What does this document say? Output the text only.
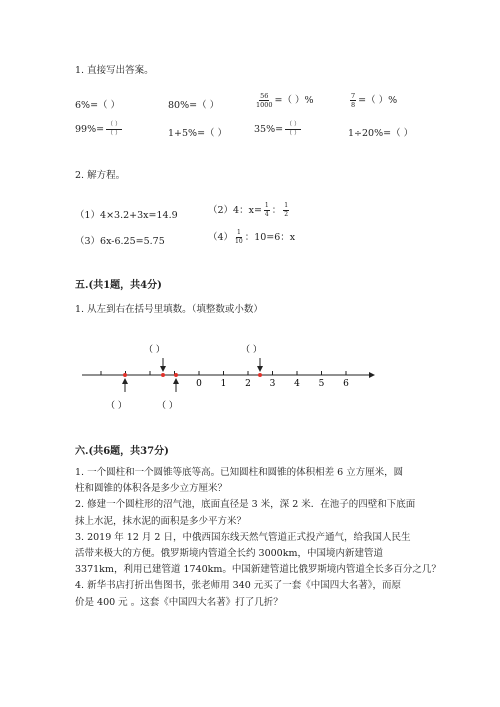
1. 直接写出答案。
6%=（ ）	80%=（ ）	$\frac{56}{1000}$ =（ ）%	$\frac{7}{8}$ =（ ）%
$99\%= \frac{( )}{( )}$	1+5%=（ ）	$35\%= \frac{( )}{( )}$	1÷20%=（ ）
2. 解方程。
（1）4×3.2+3x=14.9	（2）4：$x= \frac{1}{4}$ ： $\frac{1}{2}$
（3）6x-6.25=5.75	$(4) \frac{1}{10}$ ：10=6：x
五.(共1题，共4分)
1. 从左到右在括号里填数。（填整数或小数）
0 1 2 3 4 5 6
（ ）	（ ）
（ ）	（ ）
六.(共6题，共37分)
1. 一个圆柱和一个圆锥等底等高。已知圆柱和圆锥的体积相差 6 立方厘米，圆
柱和圆锥的体积各是多少立方厘米？
2. 修建一个圆柱形的沼气池，底面直径是 3 米，深 2 米．在池子的四壁和下底面
抹上水泥，抹水泥的面积是多少平方米？
3. 2019 年 12 月 2 日，中俄西国东线天然气管道正式投产通气，给我国人民生
活带来极大的方便。俄罗斯境内管道全长约 3000km，中国境内新建管道
3371km，利用已建管道 1740km。中国新建管道比俄罗斯境内管道全长多百分之几？
4. 新华书店打折出售图书，张老师用 340 元买了一套《中国四大名著》，而原
价是 400 元 。这套《中国四大名著》打了几折？
